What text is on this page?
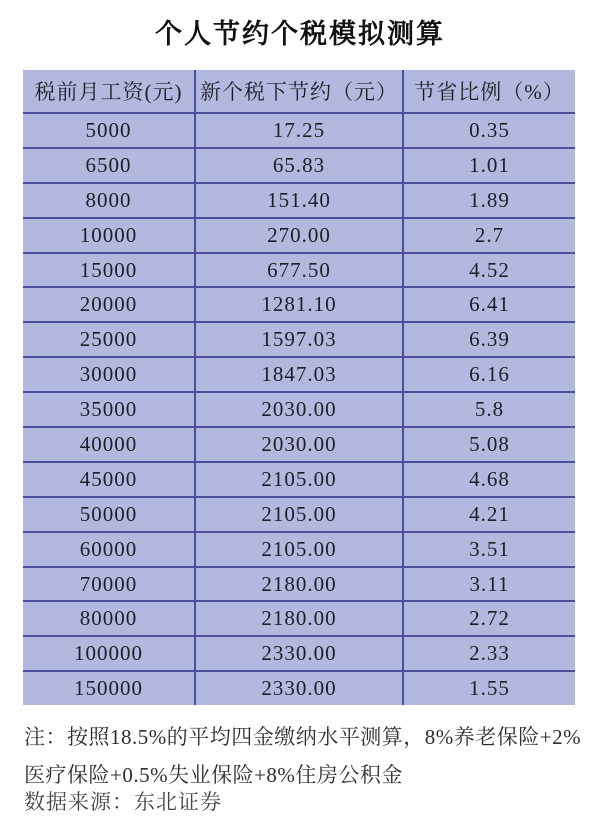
个人节约个税模拟测算
税前月工资(元)	新个税下节约（元）	节省比例（%）
5000	17.25	0.35
6500	65.83	1.01
8000	151.40	1.89
10000	270.00	2.7
15000	677.50	4.52
20000	1281.10	6.41
25000	1597.03	6.39
30000	1847.03	6.16
35000	2030.00	5.8
40000	2030.00	5.08
45000	2105.00	4.68
50000	2105.00	4.21
60000	2105.00	3.51
70000	2180.00	3.11
80000	2180.00	2.72
100000	2330.00	2.33
150000	2330.00	1.55

注：按照18.5%的平均四金缴纳水平测算，8%养老保险+2%医疗保险+0.5%失业保险+8%住房公积金

数据来源：东北证券
